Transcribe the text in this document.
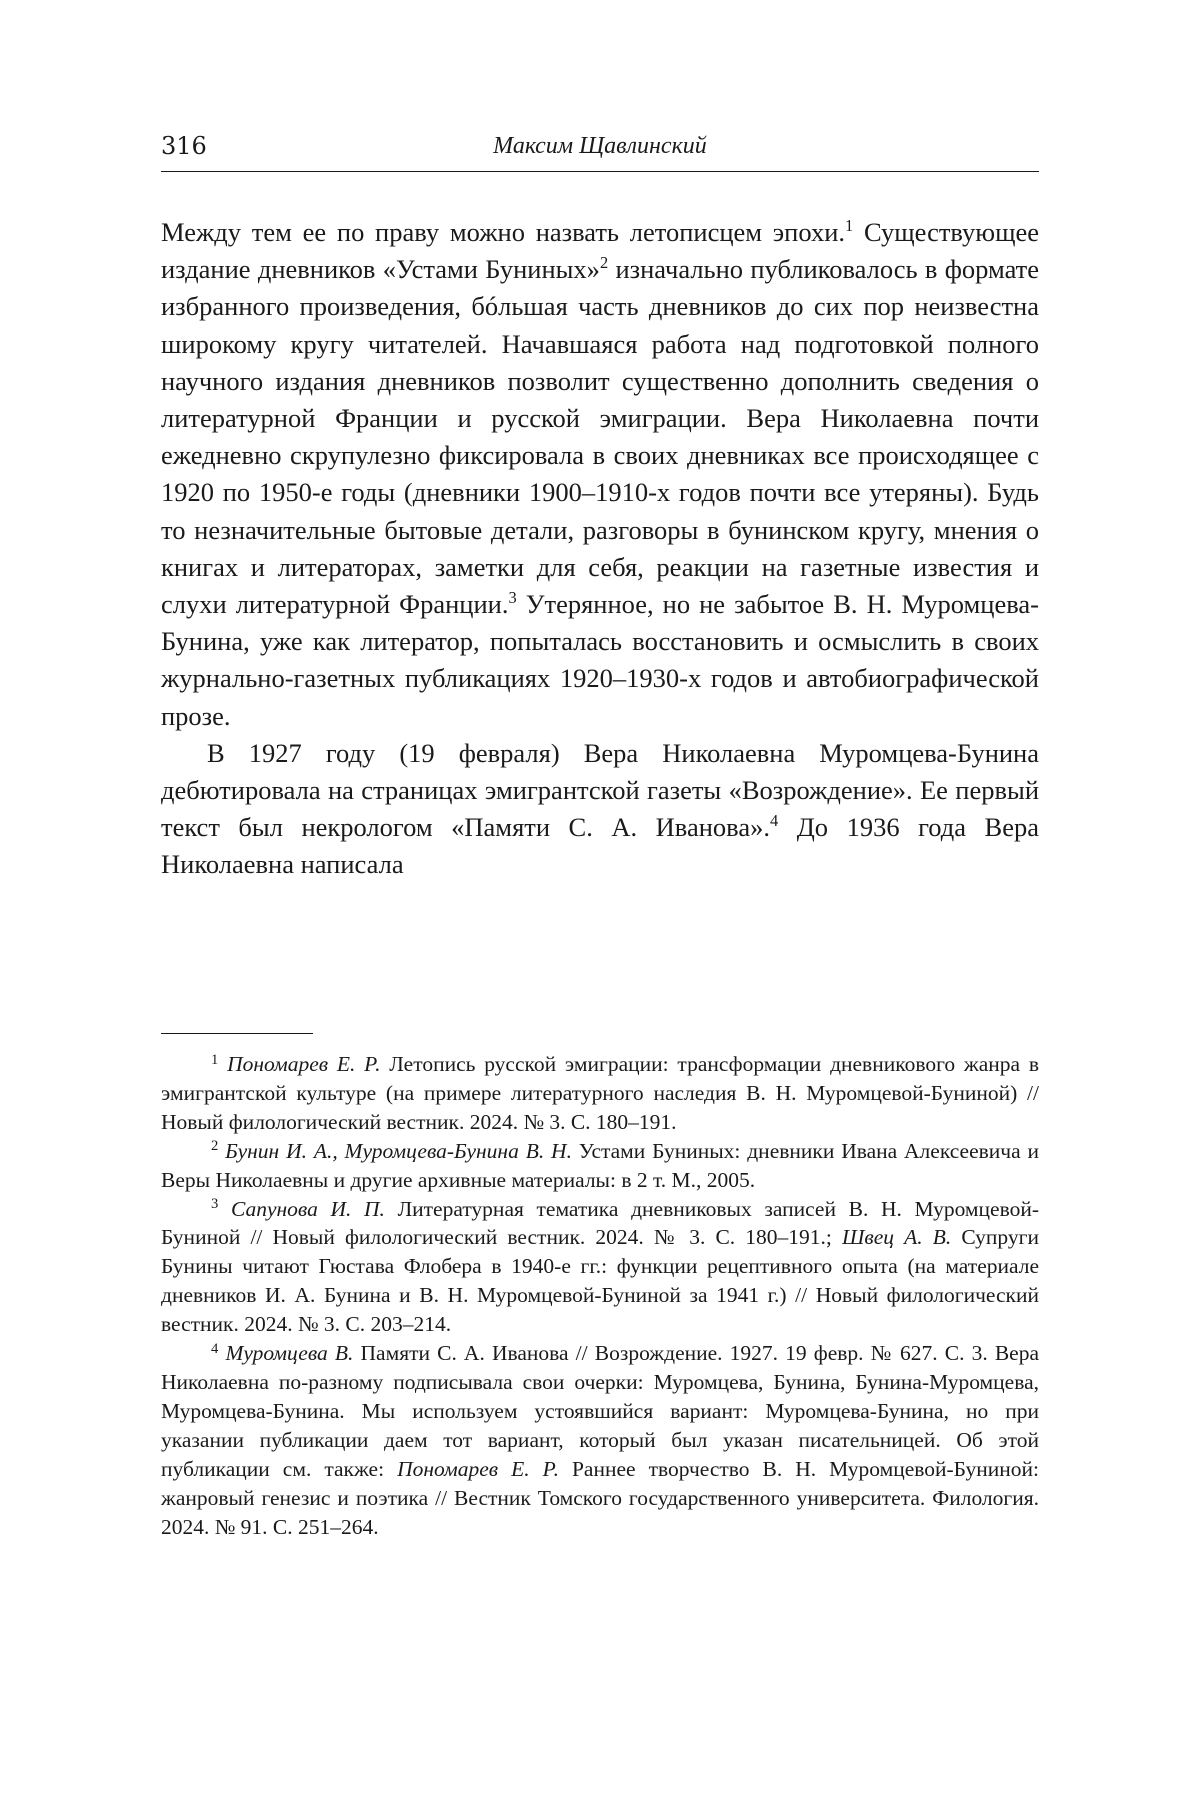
316	Максим Щавлинский

Между тем ее по праву можно назвать летописцем эпохи.$^1$ Существующее издание дневников «Устами Буниных»$^2$ изначально публиковалось в формате избранного произведения, бóльшая часть дневников до сих пор неизвестна широкому кругу читателей. Начавшаяся работа над подготовкой полного научного издания дневников позволит существенно дополнить сведения о литературной Франции и русской эмиграции. Вера Николаевна почти ежедневно скрупулезно фиксировала в своих дневниках все происходящее с 1920 по 1950-е годы (дневники 1900–1910-х годов почти все утеряны). Будь то незначительные бытовые детали, разговоры в бунинском кругу, мнения о книгах и литераторах, заметки для себя, реакции на газетные известия и слухи литературной Франции.$^3$ Утерянное, но не забытое В. Н. Муромцева-Бунина, уже как литератор, попыталась восстановить и осмыслить в своих журнально-газетных публикациях 1920–1930-х годов и автобиографической прозе.

В 1927 году (19 февраля) Вера Николаевна Муромцева-Бунина дебютировала на страницах эмигрантской газеты «Возрождение». Ее первый текст был некрологом «Памяти С. А. Иванова».$^4$ До 1936 года Вера Николаевна написала

$^1$ Пономарев Е. Р. Летопись русской эмиграции: трансформации дневникового жанра в эмигрантской культуре (на примере литературного наследия В. Н. Муромцевой-Буниной) // Новый филологический вестник. 2024. № 3. С. 180–191.

$^2$ Бунин И. А., Муромцева-Бунина В. Н. Устами Буниных: дневники Ивана Алексеевича и Веры Николаевны и другие архивные материалы: в 2 т. М., 2005.

$^3$ Сапунова И. П. Литературная тематика дневниковых записей В. Н. Муромцевой-Буниной // Новый филологический вестник. 2024. № 3. С. 180–191.; Швец А. В. Супруги Бунины читают Гюстава Флобера в 1940-е гг.: функции рецептивного опыта (на материале дневников И. А. Бунина и В. Н. Муромцевой-Буниной за 1941 г.) // Новый филологический вестник. 2024. № 3. С. 203–214.

$^4$ Муромцева В. Памяти С. А. Иванова // Возрождение. 1927. 19 февр. № 627. С. 3. Вера Николаевна по-разному подписывала свои очерки: Муромцева, Бунина, Бунина-Муромцева, Муромцева-Бунина. Мы используем устоявшийся вариант: Муромцева-Бунина, но при указании публикации даем тот вариант, который был указан писательницей. Об этой публикации см. также: Пономарев Е. Р. Раннее творчество В. Н. Муромцевой-Буниной: жанровый генезис и поэтика // Вестник Томского государственного университета. Филология. 2024. № 91. С. 251–264.
